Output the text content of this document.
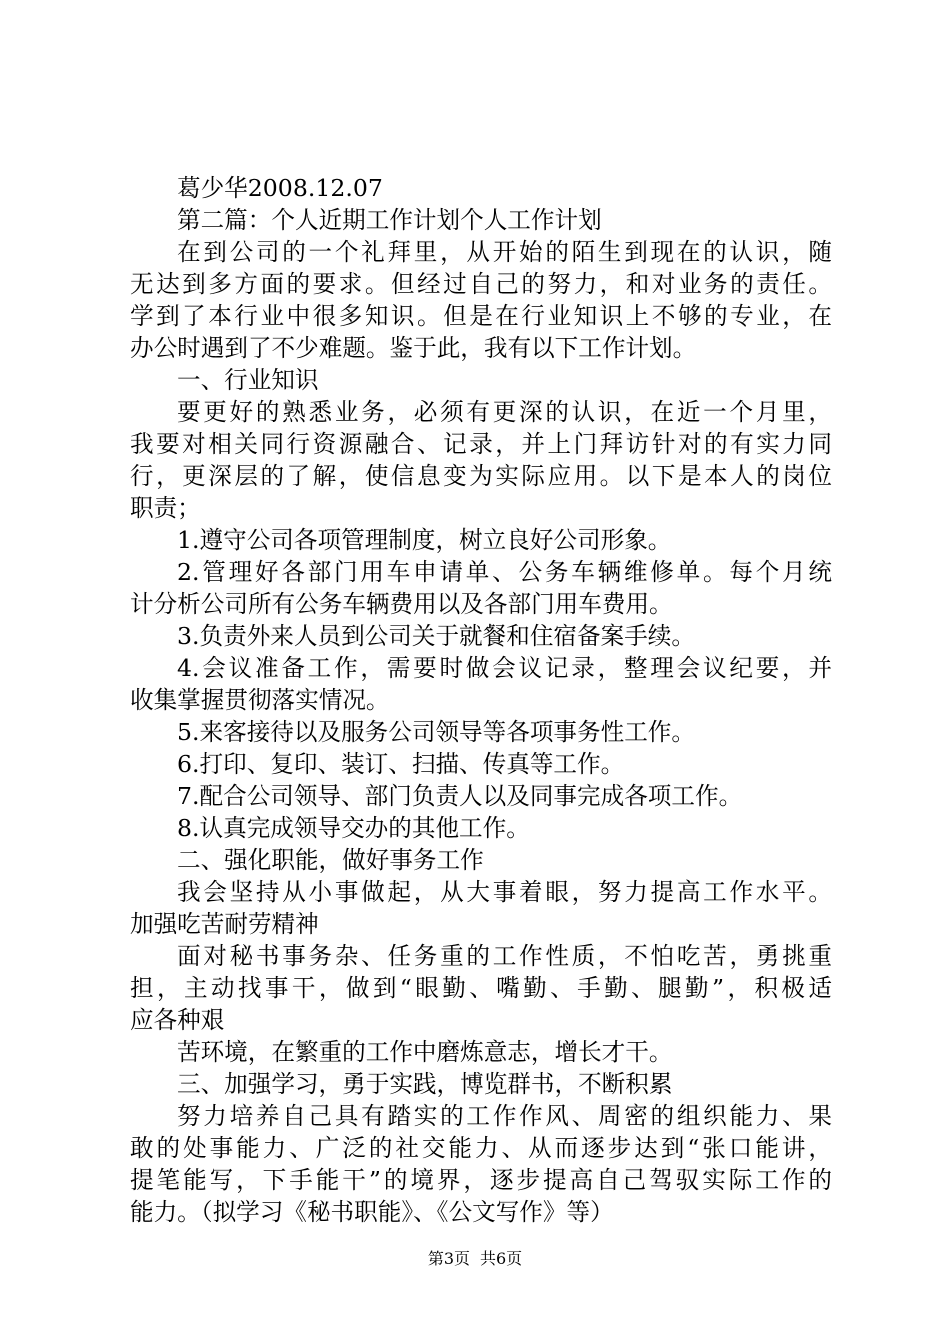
葛少华2008.12.07
第二篇：个人近期工作计划个人工作计划
在到公司的一个礼拜里，从开始的陌生到现在的认识，随
无达到多方面的要求。但经过自己的努力，和对业务的责任。
学到了本行业中很多知识。但是在行业知识上不够的专业，在
办公时遇到了不少难题。鉴于此，我有以下工作计划。
一、行业知识
要更好的熟悉业务，必须有更深的认识，在近一个月里，
我要对相关同行资源融合、记录，并上门拜访针对的有实力同
行，更深层的了解，使信息变为实际应用。以下是本人的岗位
职责；
1.遵守公司各项管理制度，树立良好公司形象。
2.管理好各部门用车申请单、公务车辆维修单。每个月统
计分析公司所有公务车辆费用以及各部门用车费用。
3.负责外来人员到公司关于就餐和住宿备案手续。
4.会议准备工作，需要时做会议记录，整理会议纪要，并
收集掌握贯彻落实情况。
5.来客接待以及服务公司领导等各项事务性工作。
6.打印、复印、装订、扫描、传真等工作。
7.配合公司领导、部门负责人以及同事完成各项工作。
8.认真完成领导交办的其他工作。
二、强化职能，做好事务工作
我会坚持从小事做起，从大事着眼，努力提高工作水平。
加强吃苦耐劳精神
面对秘书事务杂、任务重的工作性质，不怕吃苦，勇挑重
担，主动找事干，做到“眼勤、嘴勤、手勤、腿勤”，积极适
应各种艰
苦环境，在繁重的工作中磨炼意志，增长才干。
三、加强学习，勇于实践，博览群书，不断积累
努力培养自己具有踏实的工作作风、周密的组织能力、果
敢的处事能力、广泛的社交能力、从而逐步达到“张口能讲，
提笔能写，下手能干”的境界，逐步提高自己驾驭实际工作的
能力。（拟学习《秘书职能》、《公文写作》等）
第3页 共6页
